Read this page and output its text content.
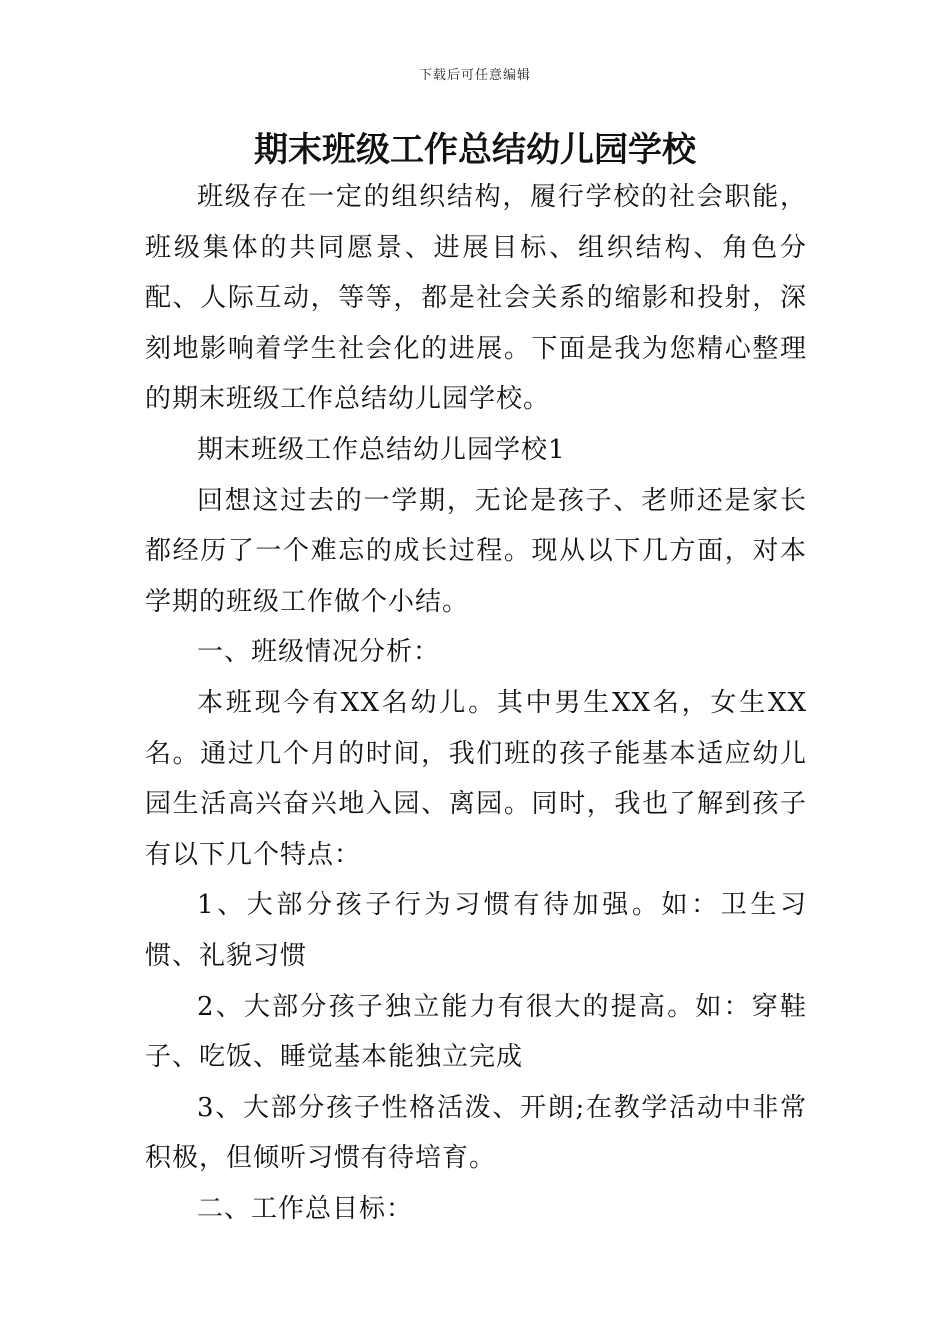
下载后可任意编辑
期末班级工作总结幼儿园学校

班级存在一定的组织结构，履行学校的社会职能，班级集体的共同愿景、进展目标、组织结构、角色分配、人际互动，等等，都是社会关系的缩影和投射，深刻地影响着学生社会化的进展。下面是我为您精心整理的期末班级工作总结幼儿园学校。

期末班级工作总结幼儿园学校1

回想这过去的一学期，无论是孩子、老师还是家长都经历了一个难忘的成长过程。现从以下几方面，对本学期的班级工作做个小结。

一、班级情况分析：

本班现今有XX名幼儿。其中男生XX名，女生XX名。通过几个月的时间，我们班的孩子能基本适应幼儿园生活高兴奋兴地入园、离园。同时，我也了解到孩子有以下几个特点：

1、大部分孩子行为习惯有待加强。如：卫生习惯、礼貌习惯

2、大部分孩子独立能力有很大的提高。如：穿鞋子、吃饭、睡觉基本能独立完成

3、大部分孩子性格活泼、开朗;在教学活动中非常积极，但倾听习惯有待培育。

二、工作总目标：
